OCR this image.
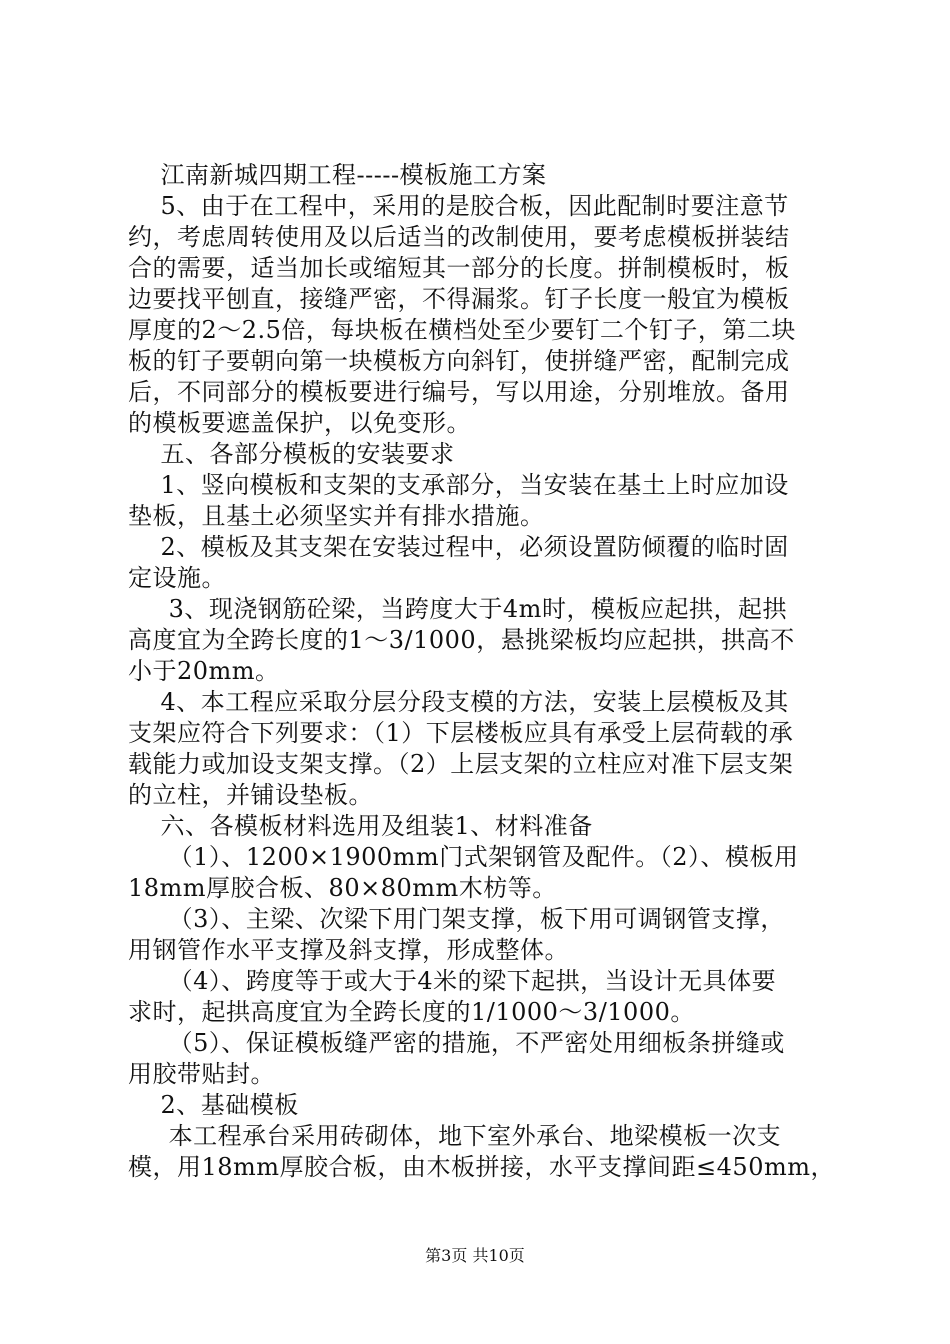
江南新城四期工程-----模板施工方案
5、由于在工程中，采用的是胶合板，因此配制时要注意节
约，考虑周转使用及以后适当的改制使用，要考虑模板拼装结
合的需要，适当加长或缩短其一部分的长度。拼制模板时，板
边要找平刨直，接缝严密，不得漏浆。钉子长度一般宜为模板
厚度的2～2.5倍，每块板在横档处至少要钉二个钉子，第二块
板的钉子要朝向第一块模板方向斜钉，使拼缝严密，配制完成
后，不同部分的模板要进行编号，写以用途，分别堆放。备用
的模板要遮盖保护，以免变形。
五、各部分模板的安装要求
1、竖向模板和支架的支承部分，当安装在基土上时应加设
垫板，且基土必须坚实并有排水措施。
2、模板及其支架在安装过程中，必须设置防倾覆的临时固
定设施。
3、现浇钢筋砼梁，当跨度大于4m时，模板应起拱，起拱
高度宜为全跨长度的1～3/1000，悬挑梁板均应起拱，拱高不
小于20mm。
4、本工程应采取分层分段支模的方法，安装上层模板及其
支架应符合下列要求：（1）下层楼板应具有承受上层荷载的承
载能力或加设支架支撑。（2）上层支架的立柱应对准下层支架
的立柱，并铺设垫板。
六、各模板材料选用及组装1、材料准备
（1）、1200×1900mm门式架钢管及配件。（2）、模板用
18mm厚胶合板、80×80mm木枋等。
（3）、主梁、次梁下用门架支撑，板下用可调钢管支撑，
用钢管作水平支撑及斜支撑，形成整体。
（4）、跨度等于或大于4米的梁下起拱，当设计无具体要
求时，起拱高度宜为全跨长度的1/1000～3/1000。
（5）、保证模板缝严密的措施，不严密处用细板条拼缝或
用胶带贴封。
2、基础模板
本工程承台采用砖砌体，地下室外承台、地梁模板一次支
模，用18mm厚胶合板，由木板拼接，水平支撑间距≤450mm，
第3页 共10页
